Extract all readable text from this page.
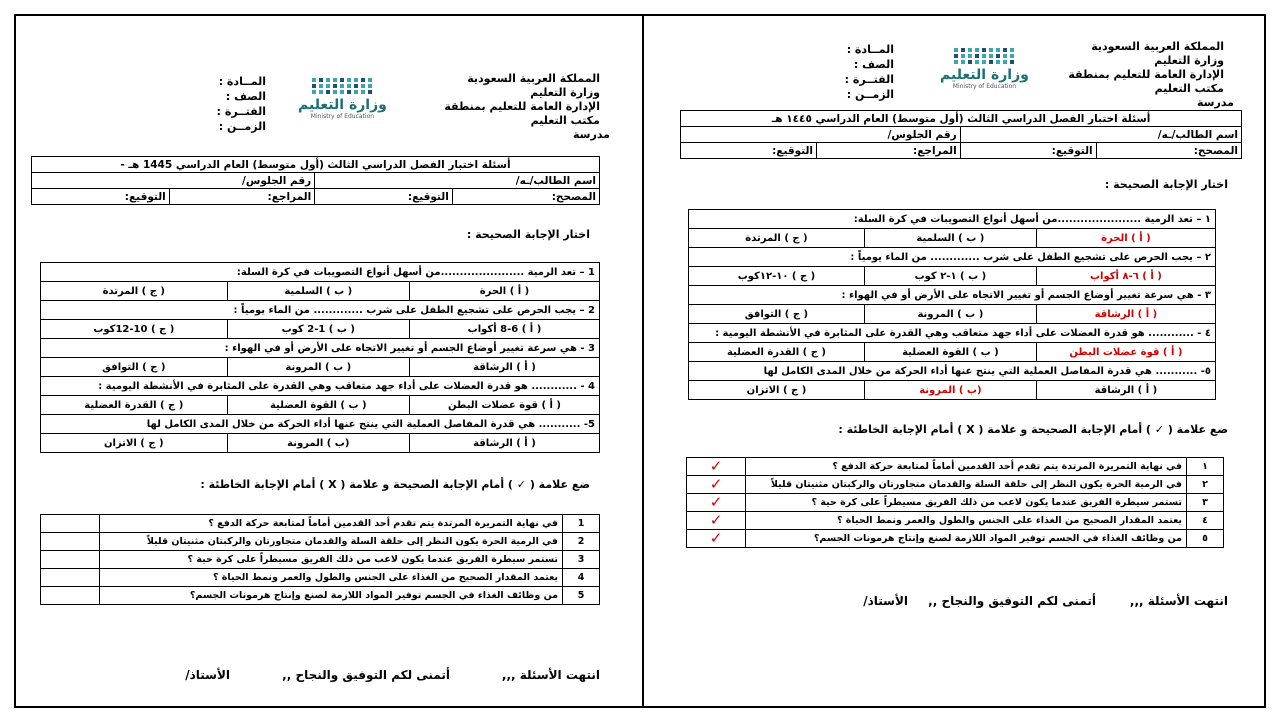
المملكة العربية السعودية
وزارة التعليم
الإدارة العامة للتعليم بمنطقة
مكتب التعليم
مدرسة
وزارة التعليم
Ministry of Education
المــادة :
الصف :
الفتــرة :
الزمــن :
أسئلة اختبار الفصل الدراسي الثالث (أول متوسط) العام الدراسي 1445 هـ -			
اسم الطالب/ـه/		رقم الجلوس/	
المصحح:	التوقيع:	المراجع:	التوقيع:
اختار الإجابة الصحيحة :
1 – تعد الرمية ......................من أسهل أنواع التصويبات في كرة السلة:		
( أ ) الحرة	( ب ) السلمية	( ج ) المرتدة
2 – يجب الحرص على تشجيع الطفل على شرب ............. من الماء يومياً :		
( أ ) 6-8 أكواب	( ب ) 1-2 كوب	( ج ) 10-12كوب
3 - هي سرعة تغيير أوضاع الجسم أو تغيير الاتجاه على الأرض أو في الهواء :		
( أ ) الرشاقة	( ب ) المرونة	( ج ) التوافق
4 - ............ هو قدرة العضلات على أداء جهد متعاقب وهي القدرة على المثابرة في الأنشطة اليومية :		
( أ ) قوة عضلات البطن	( ب ) القوة العضلية	( ج ) القدرة العضلية
5- ........... هي قدرة المفاصل العملية التي ينتج عنها أداء الحركة من خلال المدى الكامل لها		
( أ ) الرشاقة	(ب ) المرونة	( ج ) الاتزان
ضع علامة ( ✓ ) أمام الإجابة الصحيحة و علامة ( X ) أمام الإجابة الخاطئة :
1	في نهاية التمريرة المرتدة يتم تقدم أحد القدمين أماماً لمتابعة حركة الدفع ؟	
2	في الرمية الحرة يكون النظر إلى حلقة السلة والقدمان متجاورتان والركبتان مثنيتان قليلاً	
3	تستمر سيطرة الفريق عندما يكون لاعب من ذلك الفريق مسيطراً على كرة حية ؟	
4	يعتمد المقدار الصحيح من الغذاء على الجنس والطول والعمر ونمط الحياة ؟	
5	من وظائف الغذاء في الجسم توفير المواد اللازمة لصنع وإنتاج هرمونات الجسم؟	
انتهت الأسئلة ,,,
أتمنى لكم التوفيق والنجاح ,,
الأستاذ/
المملكة العربية السعودية
وزارة التعليم
الإدارة العامة للتعليم بمنطقة
مكتب التعليم
مدرسة
وزارة التعليم
Ministry of Education
المــادة :
الصف :
الفتــرة :
الزمــن :
أسئلة اختبار الفصل الدراسي الثالث (أول متوسط) العام الدراسي ١٤٤٥ هـ			
اسم الطالب/ـه/		رقم الجلوس/	
المصحح:	التوقيع:	المراجع:	التوقيع:
اختار الإجابة الصحيحة :
١ – تعد الرمية ......................من أسهل أنواع التصويبات في كرة السلة:		
( أ ) الحرة	( ب ) السلمية	( ج ) المرتدة
٢ – يجب الحرص على تشجيع الطفل على شرب ............. من الماء يومياً :		
( أ ) ٦-٨ أكواب	( ب ) ١-٢ كوب	( ج ) ١٠-١٢كوب
٣ - هي سرعة تغيير أوضاع الجسم أو تغيير الاتجاه على الأرض أو في الهواء :		
( أ ) الرشاقة	( ب ) المرونة	( ج ) التوافق
٤ - ............ هو قدرة العضلات على أداء جهد متعاقب وهي القدرة على المثابرة في الأنشطة اليومية :		
( أ ) قوة عضلات البطن	( ب ) القوة العضلية	( ج ) القدرة العضلية
٥- ........... هي قدرة المفاصل العملية التي ينتج عنها أداء الحركة من خلال المدى الكامل لها		
( أ ) الرشاقة	(ب ) المرونة	( ج ) الاتزان
ضع علامة ( ✓ ) أمام الإجابة الصحيحة و علامة ( X ) أمام الإجابة الخاطئة :
١	في نهاية التمريرة المرتدة يتم تقدم أحد القدمين أماماً لمتابعة حركة الدفع ؟	✓
٢	في الرمية الحرة يكون النظر إلى حلقة السلة والقدمان متجاورتان والركبتان مثنيتان قليلاً	✓
٣	تستمر سيطرة الفريق عندما يكون لاعب من ذلك الفريق مسيطراً على كرة حية ؟	✓
٤	يعتمد المقدار الصحيح من الغذاء على الجنس والطول والعمر ونمط الحياة ؟	✓
٥	من وظائف الغذاء في الجسم توفير المواد اللازمة لصنع وإنتاج هرمونات الجسم؟	✓
انتهت الأسئلة ,,,
أتمنى لكم التوفيق والنجاح ,,
الأستاذ/
